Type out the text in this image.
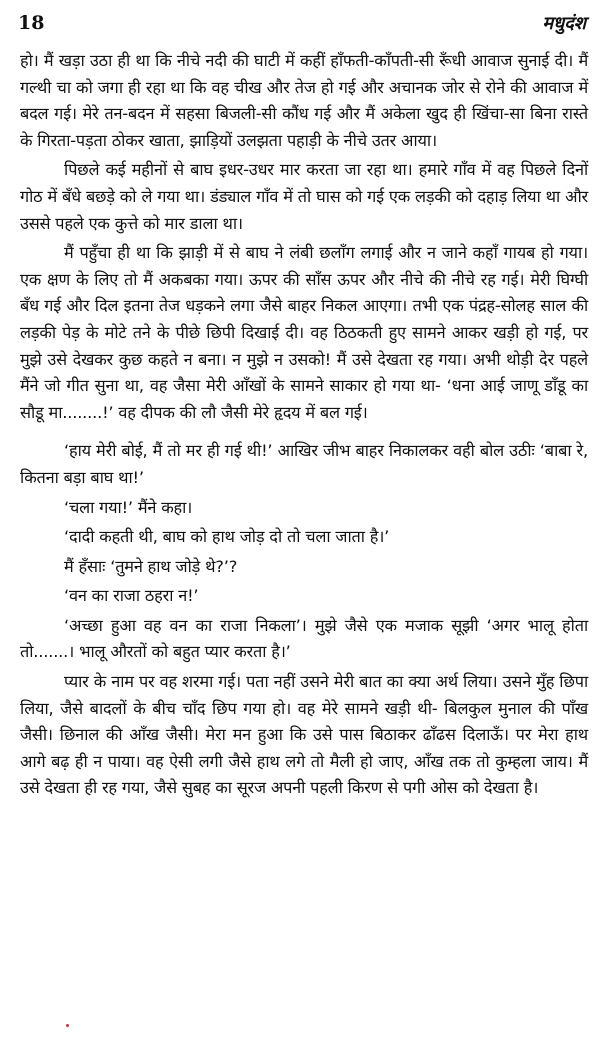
18	मधुदंश

हो। मैं खड़ा उठा ही था कि नीचे नदी की घाटी में कहीं हाँफती-काँपती-सी रूँधी आवाज सुनाई दी। मैं गल्थी चा को जगा ही रहा था कि वह चीख और तेज हो गई और अचानक जोर से रोने की आवाज में बदल गई। मेरे तन-बदन में सहसा बिजली-सी कौंध गई और मैं अकेला खुद ही खिंचा-सा बिना रास्ते के गिरता-पड़ता ठोकर खाता, झाड़ियों उलझता पहाड़ी के नीचे उतर आया।

पिछले कई महीनों से बाघ इधर-उधर मार करता जा रहा था। हमारे गाँव में वह पिछले दिनों गोठ में बँधे बछड़े को ले गया था। डंड्याल गाँव में तो घास को गई एक लड़की को दहाड़ लिया था और उससे पहले एक कुत्ते को मार डाला था।

मैं पहुँचा ही था कि झाड़ी में से बाघ ने लंबी छलाँग लगाई और न जाने कहाँ गायब हो गया। एक क्षण के लिए तो मैं अकबका गया। ऊपर की साँस ऊपर और नीचे की नीचे रह गई। मेरी घिग्घी बँध गई और दिल इतना तेज धड़कने लगा जैसे बाहर निकल आएगा। तभी एक पंद्रह-सोलह साल की लड़की पेड़ के मोटे तने के पीछे छिपी दिखाई दी। वह ठिठकती हुए सामने आकर खड़ी हो गई, पर मुझे उसे देखकर कुछ कहते न बना। न मुझे न उसको! मैं उसे देखता रह गया। अभी थोड़ी देर पहले मैंने जो गीत सुना था, वह जैसा मेरी आँखों के सामने साकार हो गया था- ‘धना आई जाणू डाँडू का सौडू मा........!’ वह दीपक की लौ जैसी मेरे हृदय में बल गई।

‘हाय मेरी बोई, मैं तो मर ही गई थी!’ आखिर जीभ बाहर निकालकर वही बोल उठीः ‘बाबा रे, कितना बड़ा बाघ था!’

‘चला गया!’ मैंने कहा।

‘दादी कहती थी, बाघ को हाथ जोड़ दो तो चला जाता है।’

मैं हँसाः ‘तुमने हाथ जोड़े थे?’?

‘वन का राजा ठहरा न!’

‘अच्छा हुआ वह वन का राजा निकला’। मुझे जैसे एक मजाक सूझी ‘अगर भालू होता तो.......। भालू औरतों को बहुत प्यार करता है।’

प्यार के नाम पर वह शरमा गई। पता नहीं उसने मेरी बात का क्या अर्थ लिया। उसने मुँह छिपा लिया, जैसे बादलों के बीच चाँद छिप गया हो। वह मेरे सामने खड़ी थी- बिलकुल मुनाल की पाँख जैसी। छिनाल की आँख जैसी। मेरा मन हुआ कि उसे पास बिठाकर ढाँढस दिलाऊँ। पर मेरा हाथ आगे बढ़ ही न पाया। वह ऐसी लगी जैसे हाथ लगे तो मैली हो जाए, आँख तक तो कुम्हला जाय। मैं उसे देखता ही रह गया, जैसे सुबह का सूरज अपनी पहली किरण से पगी ओस को देखता है।
